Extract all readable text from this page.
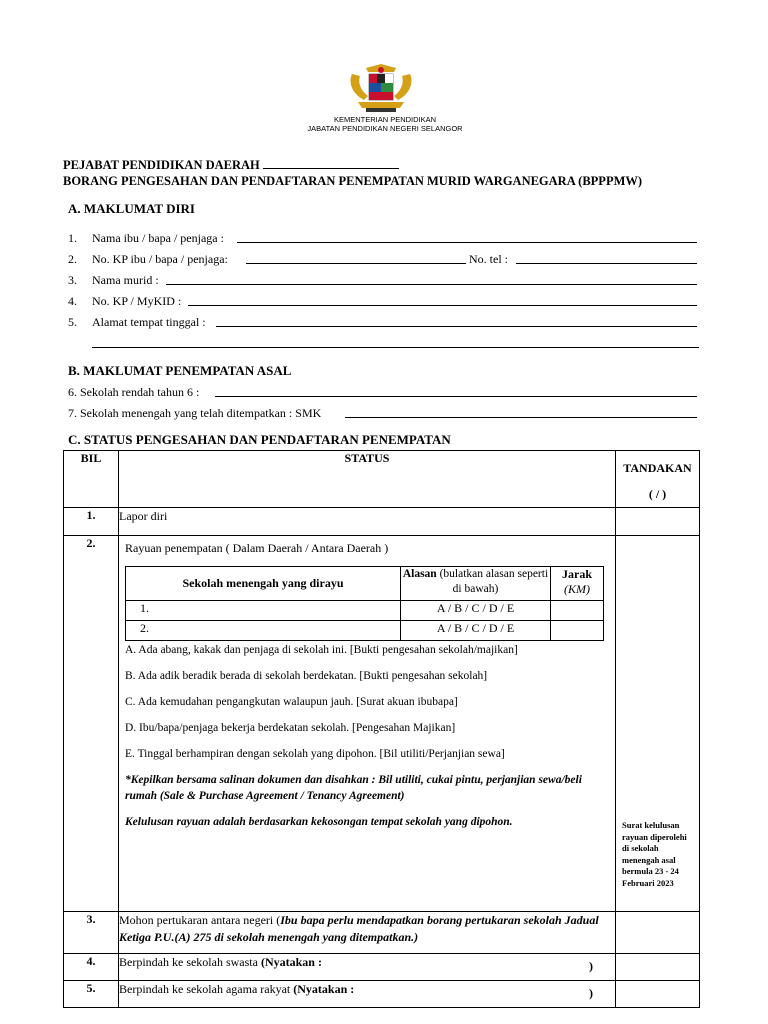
KEMENTERIAN PENDIDIKAN
JABATAN PENDIDIKAN NEGERI SELANGOR
PEJABAT PENDIDIKAN DAERAH
BORANG PENGESAHAN DAN PENDAFTARAN PENEMPATAN MURID WARGANEGARA (BPPPMW)
A. MAKLUMAT DIRI
1. Nama ibu / bapa / penjaga :
2. No. KP ibu / bapa / penjaga:	No. tel :
3. Nama murid :
4. No. KP / MyKID :
5. Alamat tempat tinggal :
B. MAKLUMAT PENEMPATAN ASAL
6. Sekolah rendah tahun 6 :
7. Sekolah menengah yang telah ditempatkan : SMK
C. STATUS PENGESAHAN DAN PENDAFTARAN PENEMPATAN
BIL	STATUS	
TANDAKAN
( / )

1.	Lapor diri	
2.	Rayuan penempatan ( Dalam Daerah / Antara Daerah )
Sekolah menengah yang dirayu	Alasan (bulatkan alasan seperti di bawah)	
Jarak
(KM)

1.	A / B / C / D / E	
2.	A / B / C / D / E	
A. Ada abang, kakak dan penjaga di sekolah ini. [Bukti pengesahan sekolah/majikan]
B. Ada adik beradik berada di sekolah berdekatan. [Bukti pengesahan sekolah]
C. Ada kemudahan pengangkutan walaupun jauh. [Surat akuan ibubapa]
D. Ibu/bapa/penjaga bekerja berdekatan sekolah. [Pengesahan Majikan]
E. Tinggal berhampiran dengan sekolah yang dipohon. [Bil utiliti/Perjanjian sewa]
*Kepilkan bersama salinan dokumen dan disahkan : Bil utiliti, cukai pintu, perjanjian sewa/beli rumah (Sale & Purchase Agreement / Tenancy Agreement)
Kelulusan rayuan adalah berdasarkan kekosongan tempat sekolah yang dipohon.	Surat kelulusan rayuan diperolehi di sekolah menengah asal bermula 23 - 24 Februari 2023

3.	Mohon pertukaran antara negeri (Ibu bapa perlu mendapatkan borang pertukaran sekolah Jadual Ketiga P.U.(A) 275 di sekolah menengah yang ditempatkan.)	
4.	Berpindah ke sekolah swasta (Nyatakan :	)

5.	Berpindah ke sekolah agama rakyat (Nyatakan :	)
